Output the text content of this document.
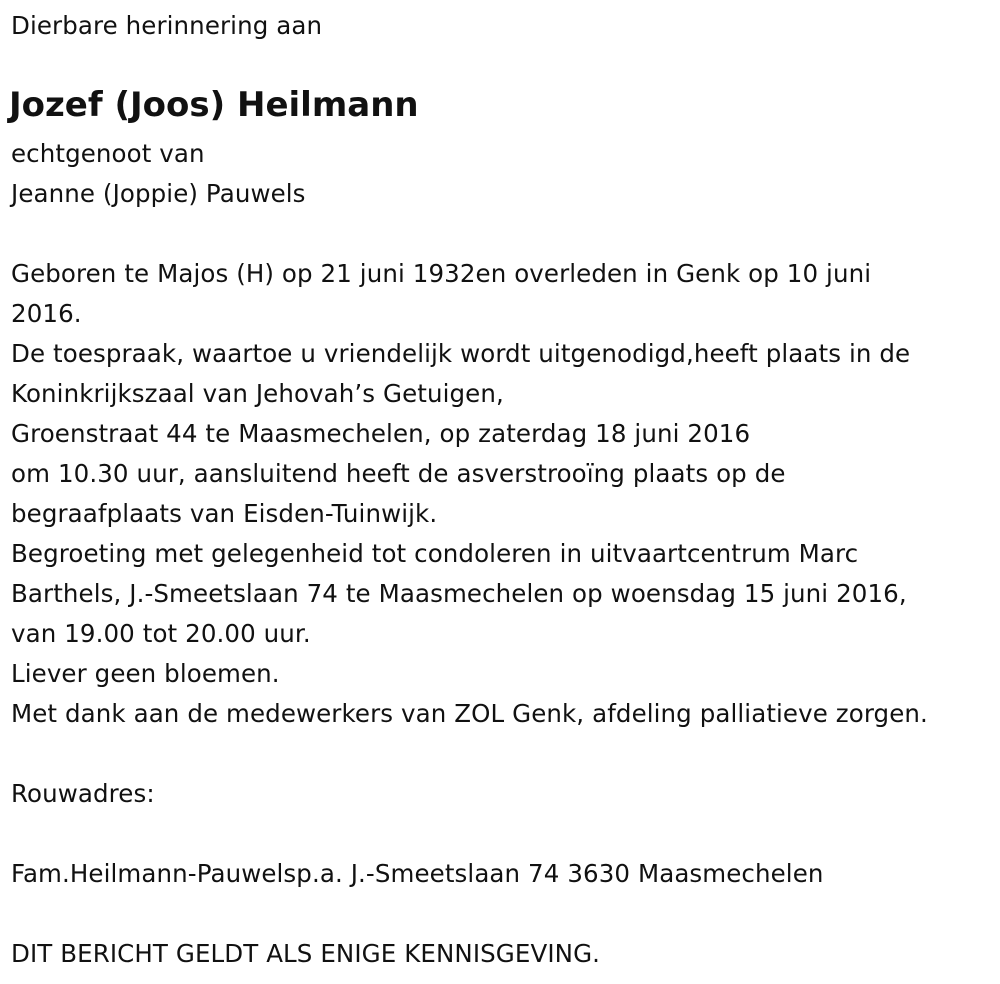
Dierbare herinnering aan
Jozef (Joos) Heilmann
echtgenoot van
Jeanne (Joppie) Pauwels
Geboren te Majos (H) op 21 juni 1932en overleden in Genk op 10 juni
2016.
De toespraak, waartoe u vriendelijk wordt uitgenodigd,heeft plaats in de
Koninkrijkszaal van Jehovah’s Getuigen,
Groenstraat 44 te Maasmechelen, op zaterdag 18 juni 2016
om 10.30 uur, aansluitend heeft de asverstrooïng plaats op de
begraafplaats van Eisden-Tuinwijk.
Begroeting met gelegenheid tot condoleren in uitvaartcentrum Marc
Barthels, J.-Smeetslaan 74 te Maasmechelen op woensdag 15 juni 2016,
van 19.00 tot 20.00 uur.
Liever geen bloemen.
Met dank aan de medewerkers van ZOL Genk, afdeling palliatieve zorgen.
Rouwadres:
Fam.Heilmann-Pauwelsp.a. J.-Smeetslaan 74 3630 Maasmechelen
DIT BERICHT GELDT ALS ENIGE KENNISGEVING.
